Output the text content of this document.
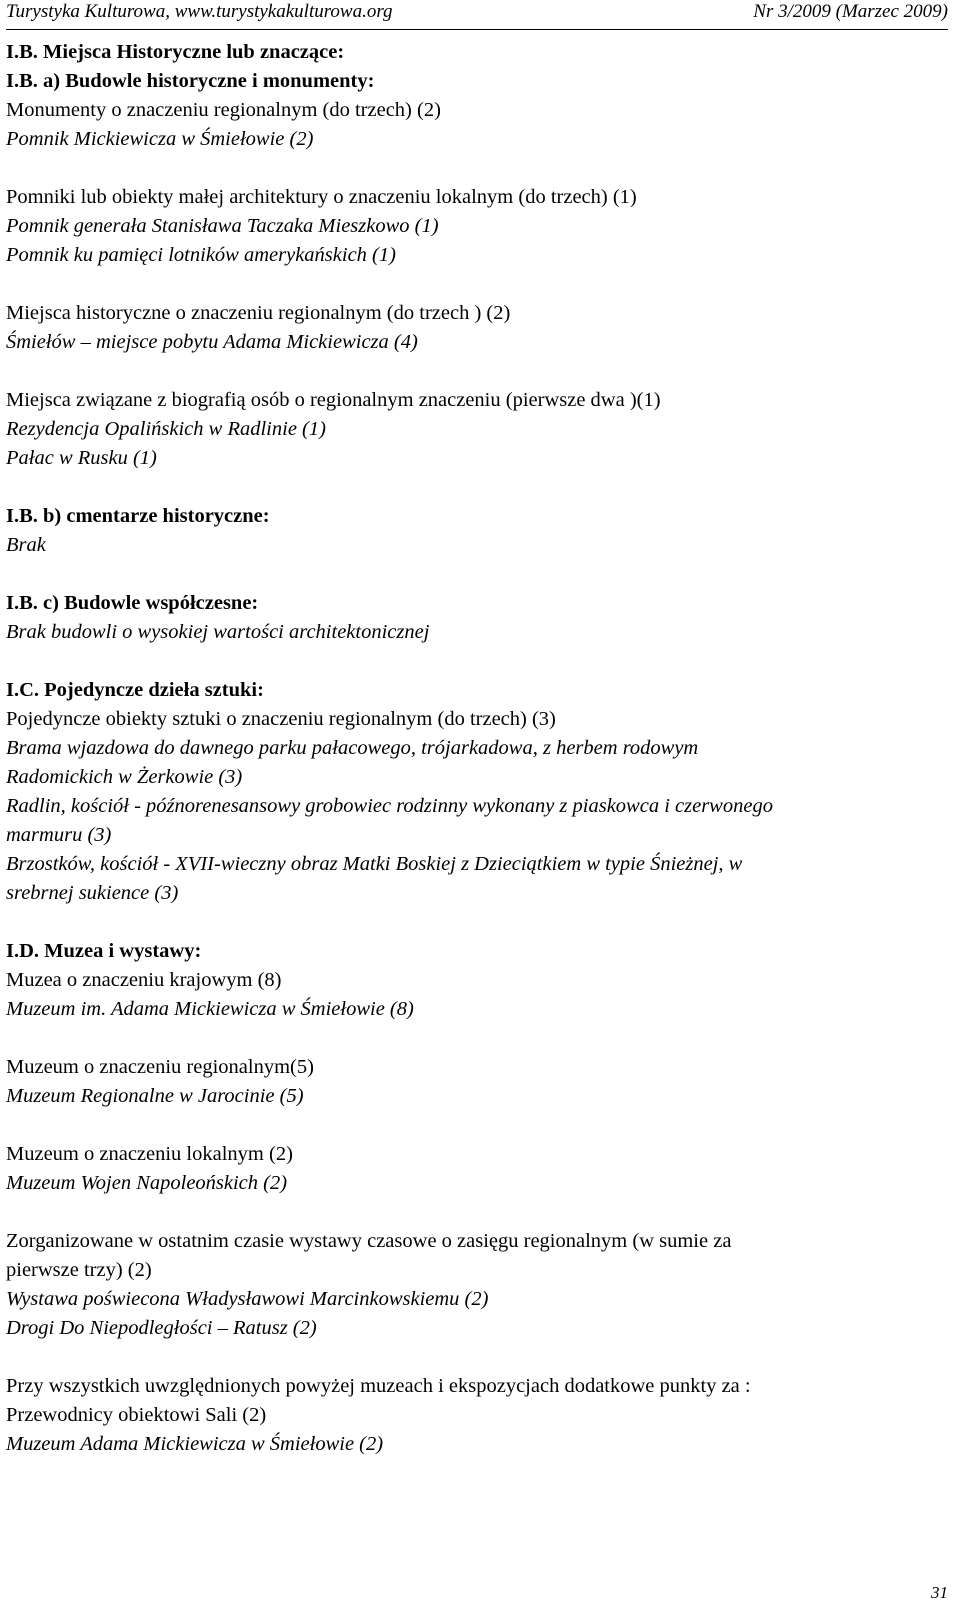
Turystyka Kulturowa, www.turystykakulturowa.org	Nr 3/2009 (Marzec 2009)
I.B. Miejsca Historyczne lub znaczące:
I.B. a) Budowle historyczne i monumenty:
Monumenty o znaczeniu regionalnym (do trzech) (2)
Pomnik Mickiewicza w Śmiełowie (2)
Pomniki lub obiekty małej architektury o znaczeniu lokalnym (do trzech) (1)
Pomnik generała Stanisława Taczaka Mieszkowo (1)
Pomnik ku pamięci lotników amerykańskich (1)
Miejsca historyczne o znaczeniu regionalnym (do trzech ) (2)
Śmiełów – miejsce pobytu Adama Mickiewicza (4)
Miejsca związane z biografią osób o regionalnym znaczeniu (pierwsze dwa )(1)
Rezydencja Opalińskich w Radlinie (1)
Pałac w Rusku (1)
I.B. b) cmentarze historyczne:
Brak
I.B. c) Budowle współczesne:
Brak budowli o wysokiej wartości architektonicznej
I.C. Pojedyncze dzieła sztuki:
Pojedyncze obiekty sztuki o znaczeniu regionalnym (do trzech) (3)
Brama wjazdowa do dawnego parku pałacowego, trójarkadowa, z herbem rodowym
Radomickich w Żerkowie (3)
Radlin, kościół - późnorenesansowy grobowiec rodzinny wykonany z piaskowca i czerwonego
marmuru (3)
Brzostków, kościół - XVII-wieczny obraz Matki Boskiej z Dzieciątkiem w typie Śnieżnej, w
srebrnej sukience (3)
I.D. Muzea i wystawy:
Muzea o znaczeniu krajowym (8)
Muzeum im. Adama Mickiewicza w Śmiełowie (8)
Muzeum o znaczeniu regionalnym(5)
Muzeum Regionalne w Jarocinie (5)
Muzeum o znaczeniu lokalnym (2)
Muzeum Wojen Napoleońskich (2)
Zorganizowane w ostatnim czasie wystawy czasowe o zasięgu regionalnym (w sumie za
pierwsze trzy) (2)
Wystawa poświecona Władysławowi Marcinkowskiemu (2)
Drogi Do Niepodległości – Ratusz (2)
Przy wszystkich uwzględnionych powyżej muzeach i ekspozycjach dodatkowe punkty za :
Przewodnicy obiektowi Sali (2)
Muzeum Adama Mickiewicza w Śmiełowie (2)
31
